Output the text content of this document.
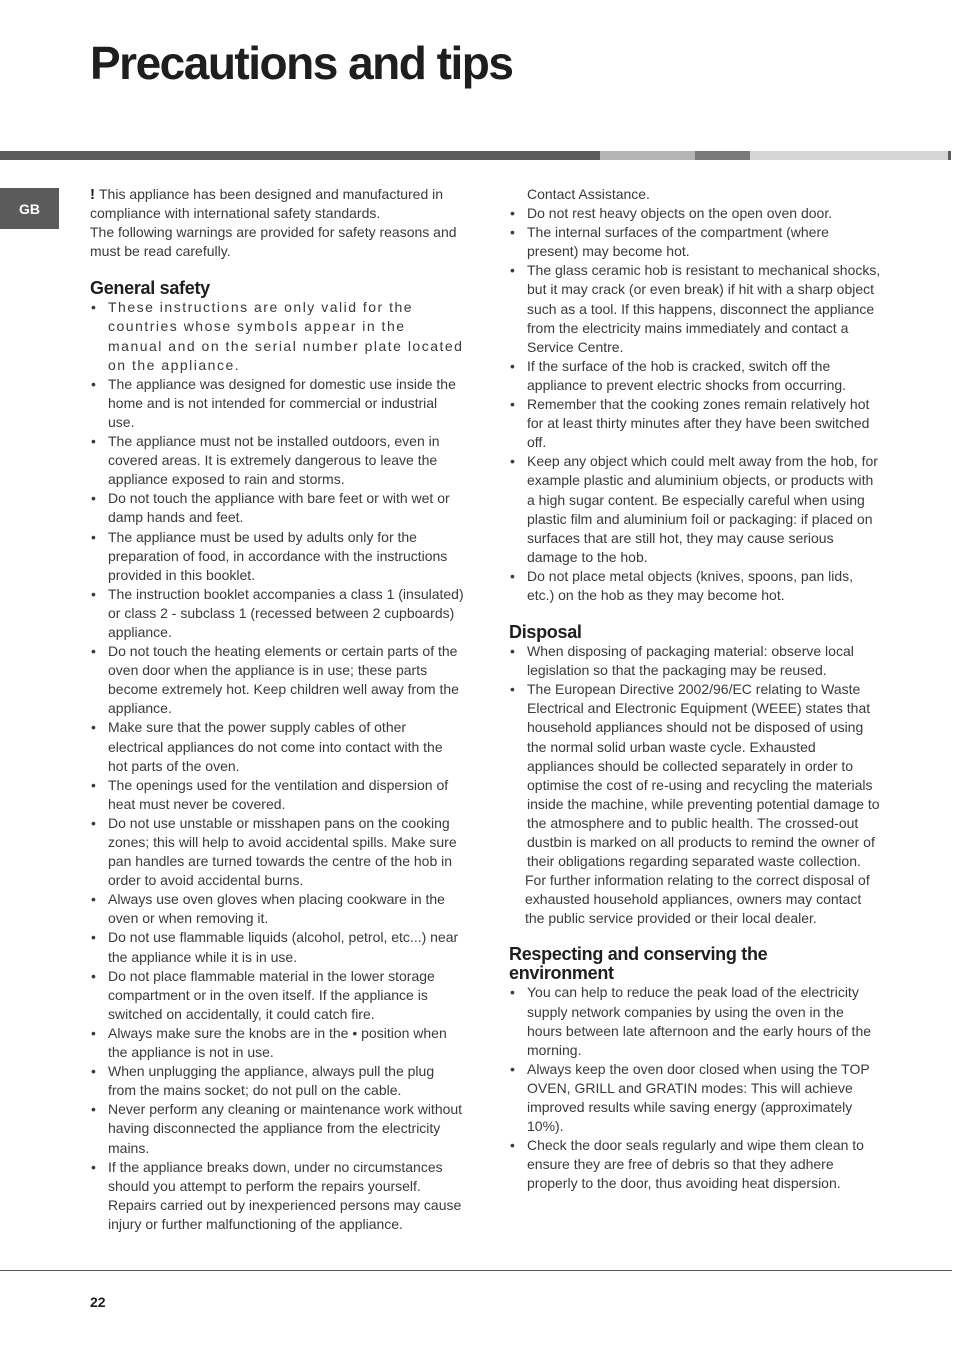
Precautions and tips
GB

! This appliance has been designed and manufactured in compliance with international safety standards.

The following warnings are provided for safety reasons and must be read carefully.

General safety
• These instructions are only valid for the countries whose symbols appear in the manual and on the serial number plate located on the appliance.
• The appliance was designed for domestic use inside the home and is not intended for commercial or industrial use.
• The appliance must not be installed outdoors, even in covered areas. It is extremely dangerous to leave the appliance exposed to rain and storms.
• Do not touch the appliance with bare feet or with wet or damp hands and feet.
• The appliance must be used by adults only for the preparation of food, in accordance with the instructions provided in this booklet.
• The instruction booklet accompanies a class 1 (insulated) or class 2 - subclass 1 (recessed between 2 cupboards) appliance.
• Do not touch the heating elements or certain parts of the oven door when the appliance is in use; these parts become extremely hot. Keep children well away from the appliance.
• Make sure that the power supply cables of other electrical appliances do not come into contact with the hot parts of the oven.
• The openings used for the ventilation and dispersion of heat must never be covered.
• Do not use unstable or misshapen pans on the cooking zones; this will help to avoid accidental spills. Make sure pan handles are turned towards the centre of the hob in order to avoid accidental burns.
• Always use oven gloves when placing cookware in the oven or when removing it.
• Do not use flammable liquids (alcohol, petrol, etc...) near the appliance while it is in use.
• Do not place flammable material in the lower storage compartment or in the oven itself. If the appliance is switched on accidentally, it could catch fire.
• Always make sure the knobs are in the • position when the appliance is not in use.
• When unplugging the appliance, always pull the plug from the mains socket; do not pull on the cable.
• Never perform any cleaning or maintenance work without having disconnected the appliance from the electricity mains.
• If the appliance breaks down, under no circumstances should you attempt to perform the repairs yourself. Repairs carried out by inexperienced persons may cause injury or further malfunctioning of the appliance.

Contact Assistance.

• Do not rest heavy objects on the open oven door.
• The internal surfaces of the compartment (where present) may become hot.
• The glass ceramic hob is resistant to mechanical shocks, but it may crack (or even break) if hit with a sharp object such as a tool. If this happens, disconnect the appliance from the electricity mains immediately and contact a Service Centre.
• If the surface of the hob is cracked, switch off the appliance to prevent electric shocks from occurring.
• Remember that the cooking zones remain relatively hot for at least thirty minutes after they have been switched off.
• Keep any object which could melt away from the hob, for example plastic and aluminium objects, or products with a high sugar content. Be especially careful when using plastic film and aluminium foil or packaging: if placed on surfaces that are still hot, they may cause serious damage to the hob.
• Do not place metal objects (knives, spoons, pan lids, etc.) on the hob as they may become hot.
Disposal
• When disposing of packaging material: observe local legislation so that the packaging may be reused.
• The European Directive 2002/96/EC relating to Waste Electrical and Electronic Equipment (WEEE) states that household appliances should not be disposed of using the normal solid urban waste cycle. Exhausted appliances should be collected separately in order to optimise the cost of re-using and recycling the materials inside the machine, while preventing potential damage to the atmosphere and to public health. The crossed-out dustbin is marked on all products to remind the owner of their obligations regarding separated waste collection.

For further information relating to the correct disposal of exhausted household appliances, owners may contact the public service provided or their local dealer.

Respecting and conserving the
environment
• You can help to reduce the peak load of the electricity supply network companies by using the oven in the hours between late afternoon and the early hours of the morning.
• Always keep the oven door closed when using the TOP OVEN, GRILL and GRATIN modes: This will achieve improved results while saving energy (approximately 10%).
• Check the door seals regularly and wipe them clean to ensure they are free of debris so that they adhere properly to the door, thus avoiding heat dispersion.
22
